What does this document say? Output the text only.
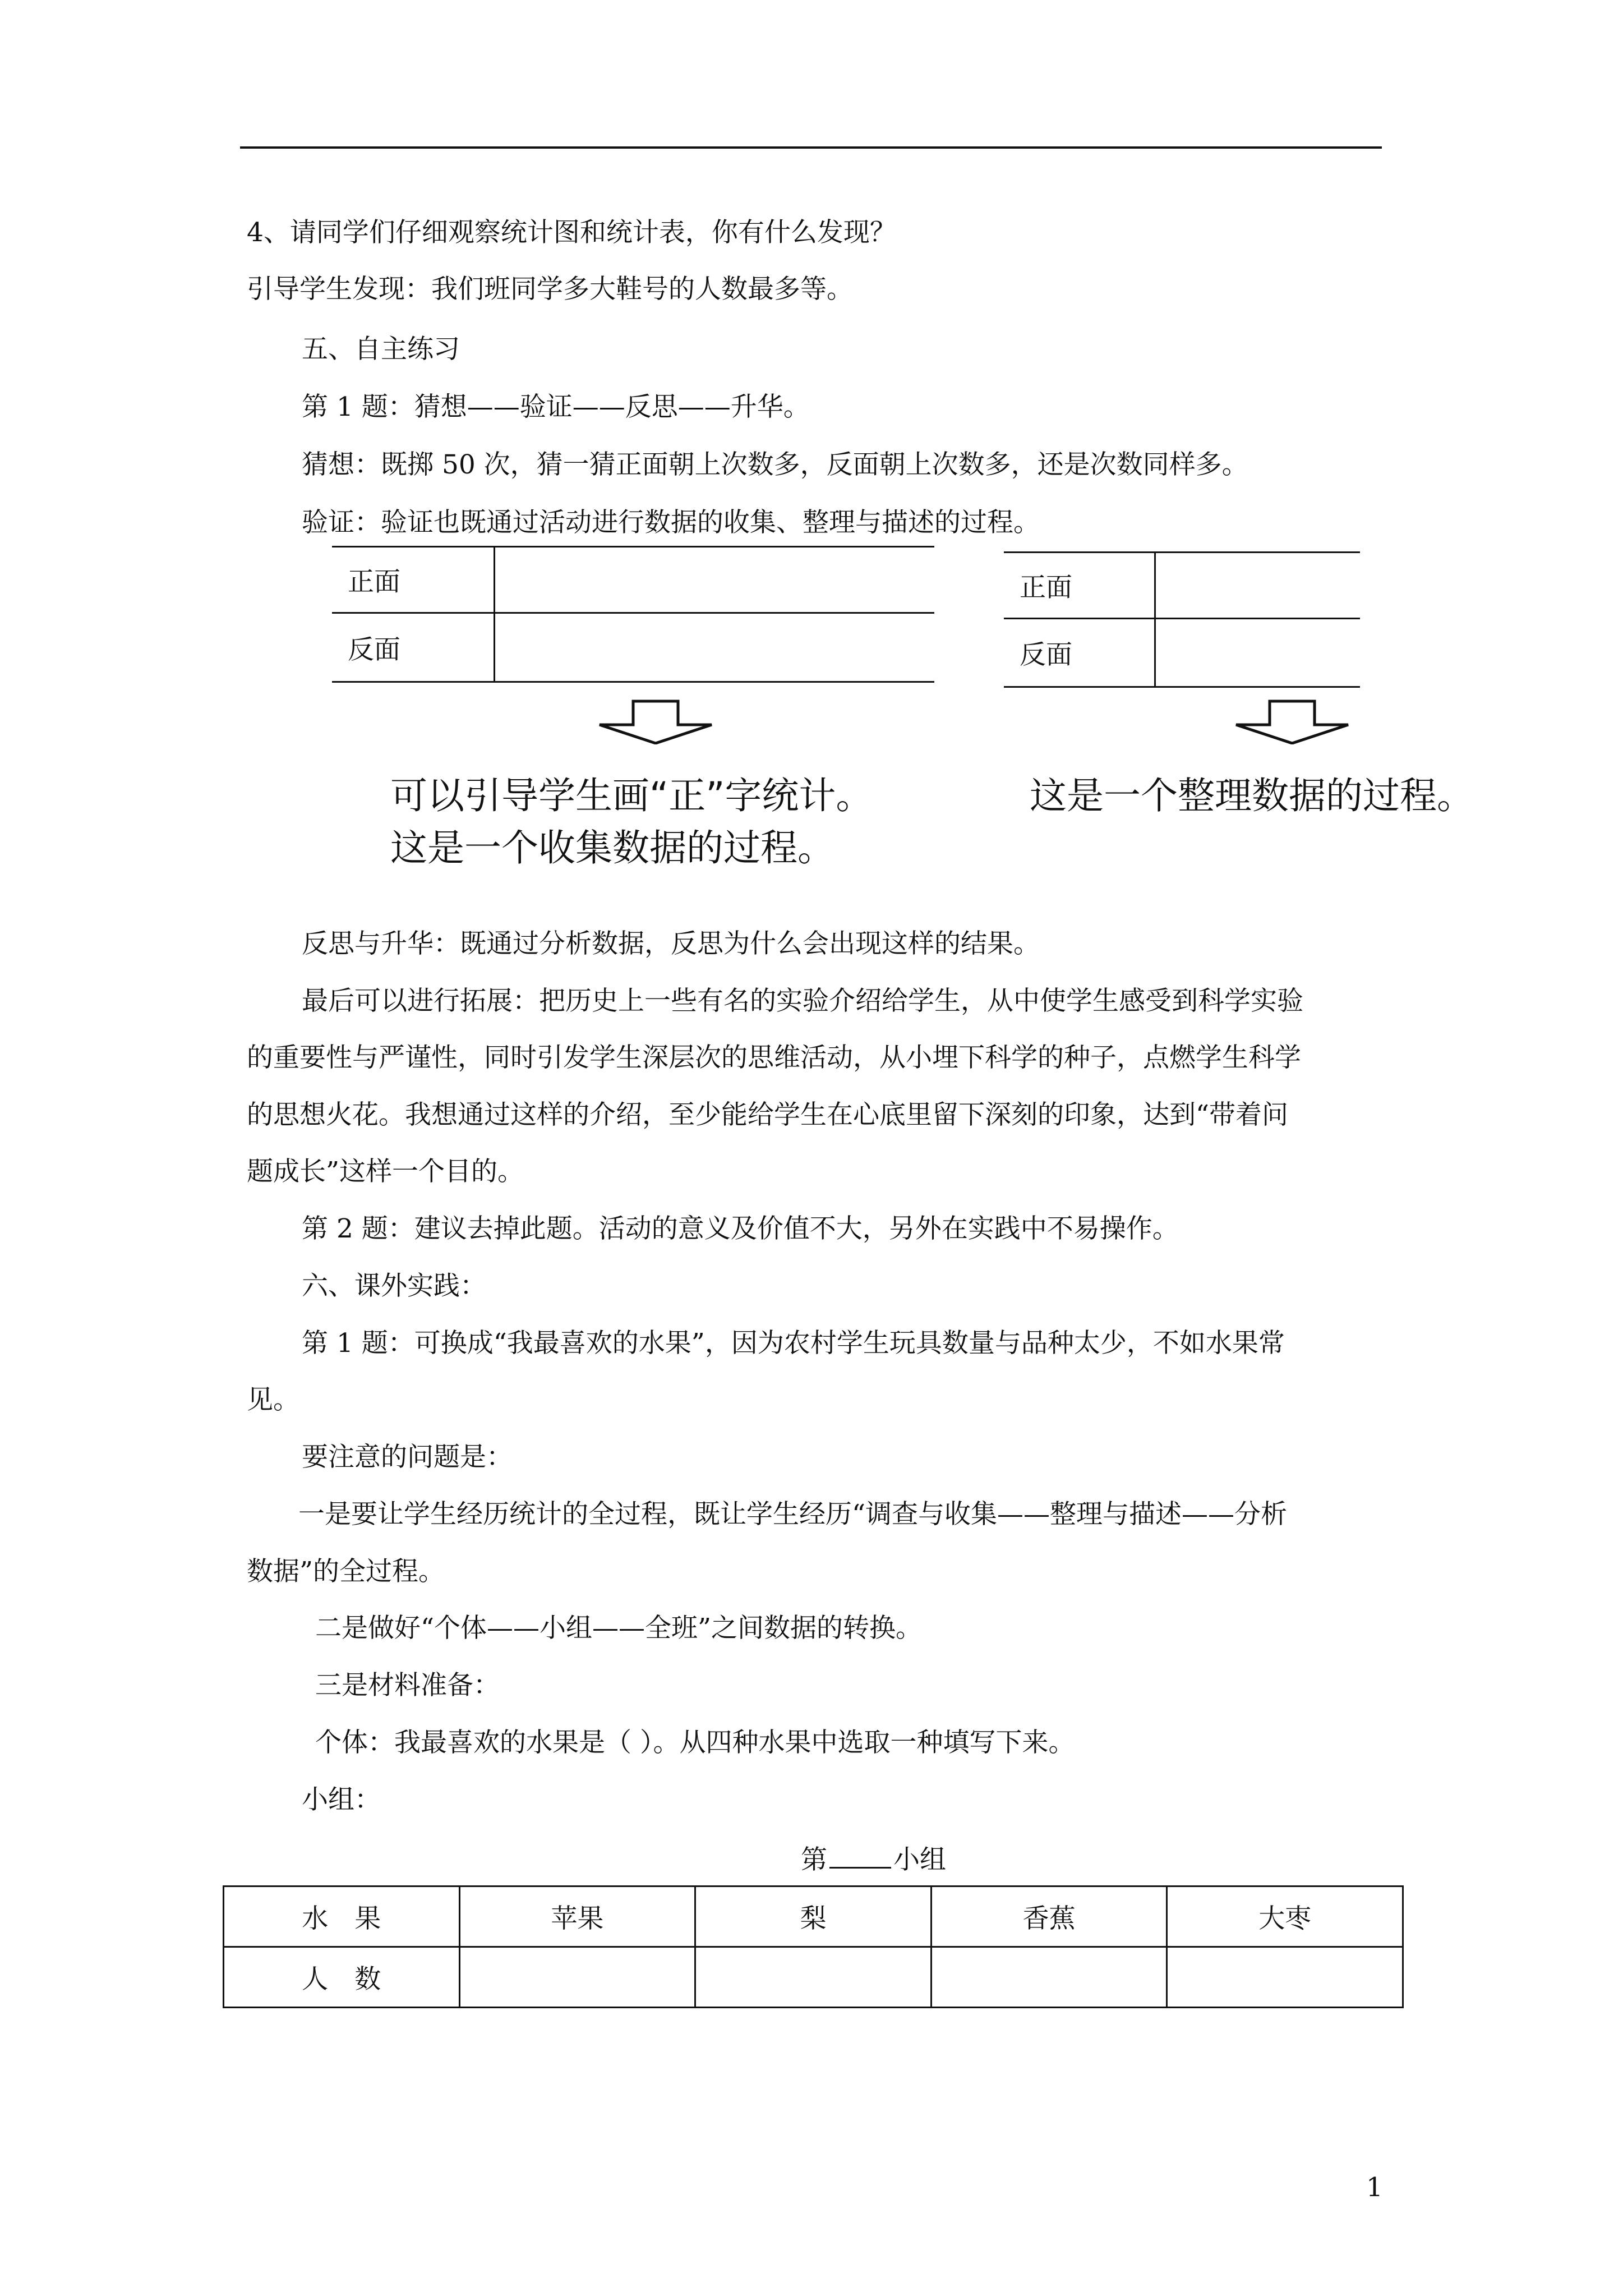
4、请同学们仔细观察统计图和统计表，你有什么发现？
引导学生发现：我们班同学多大鞋号的人数最多等。
五、自主练习
第 1 题：猜想——验证——反思——升华。
猜想：既掷 50 次，猜一猜正面朝上次数多，反面朝上次数多，还是次数同样多。
验证：验证也既通过活动进行数据的收集、整理与描述的过程。
正面	
反面	
正面	
反面	
可以引导学生画“正”字统计。
这是一个收集数据的过程。
这是一个整理数据的过程。
反思与升华：既通过分析数据，反思为什么会出现这样的结果。
最后可以进行拓展：把历史上一些有名的实验介绍给学生，从中使学生感受到科学实验
的重要性与严谨性，同时引发学生深层次的思维活动，从小埋下科学的种子，点燃学生科学
的思想火花。我想通过这样的介绍，至少能给学生在心底里留下深刻的印象，达到“带着问
题成长”这样一个目的。
第 2 题：建议去掉此题。活动的意义及价值不大，另外在实践中不易操作。
六、课外实践：
第 1 题：可换成“我最喜欢的水果”，因为农村学生玩具数量与品种太少，不如水果常
见。
要注意的问题是：
一是要让学生经历统计的全过程，既让学生经历“调查与收集——整理与描述——分析
数据”的全过程。
二是做好“个体——小组——全班”之间数据的转换。
三是材料准备：
个体：我最喜欢的水果是（ ）。从四种水果中选取一种填写下来。
小组：
第	小组
水　果	苹果	梨	香蕉	大枣
人　数				
1
